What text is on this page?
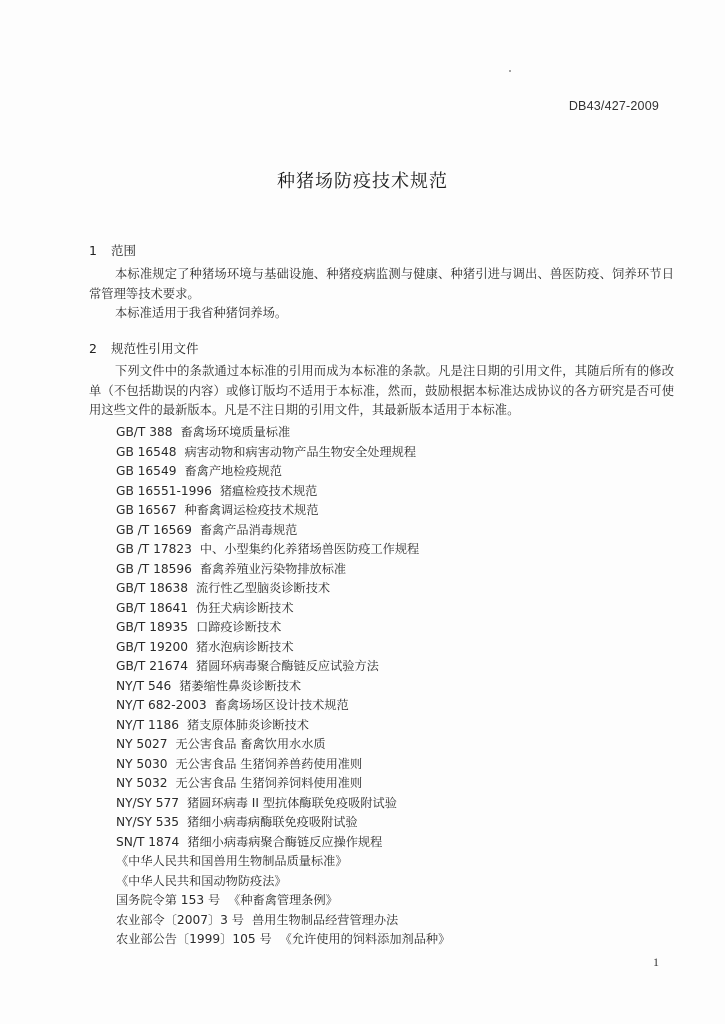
DB43/427-2009
种猪场防疫技术规范
1 范围

本标准规定了种猪场环境与基础设施、种猪疫病监测与健康、种猪引进与调出、兽医防疫、饲养环节日常管理等技术要求。

本标准适用于我省种猪饲养场。

2 规范性引用文件

下列文件中的条款通过本标准的引用而成为本标准的条款。凡是注日期的引用文件，其随后所有的修改单（不包括勘误的内容）或修订版均不适用于本标准，然而，鼓励根据本标准达成协议的各方研究是否可使用这些文件的最新版本。凡是不注日期的引用文件，其最新版本适用于本标准。

GB/T 388 畜禽场环境质量标准
GB 16548 病害动物和病害动物产品生物安全处理规程
GB 16549 畜禽产地检疫规范
GB 16551-1996 猪瘟检疫技术规范
GB 16567 种畜禽调运检疫技术规范
GB /T 16569 畜禽产品消毒规范
GB /T 17823 中、小型集约化养猪场兽医防疫工作规程
GB /T 18596 畜禽养殖业污染物排放标准
GB/T 18638 流行性乙型脑炎诊断技术
GB/T 18641 伪狂犬病诊断技术
GB/T 18935 口蹄疫诊断技术
GB/T 19200 猪水泡病诊断技术
GB/T 21674 猪圆环病毒聚合酶链反应试验方法
NY/T 546 猪萎缩性鼻炎诊断技术
NY/T 682-2003 畜禽场场区设计技术规范
NY/T 1186 猪支原体肺炎诊断技术
NY 5027 无公害食品 畜禽饮用水水质
NY 5030 无公害食品 生猪饲养兽药使用准则
NY 5032 无公害食品 生猪饲养饲料使用准则
NY/SY 577 猪圆环病毒 II 型抗体酶联免疫吸附试验
NY/SY 535 猪细小病毒病酶联免疫吸附试验
SN/T 1874 猪细小病毒病聚合酶链反应操作规程
《中华人民共和国兽用生物制品质量标准》
《中华人民共和国动物防疫法》
国务院令第 153 号 《种畜禽管理条例》
农业部令〔2007〕3 号 兽用生物制品经营管理办法
农业部公告〔1999〕105 号 《允许使用的饲料添加剂品种》
1
